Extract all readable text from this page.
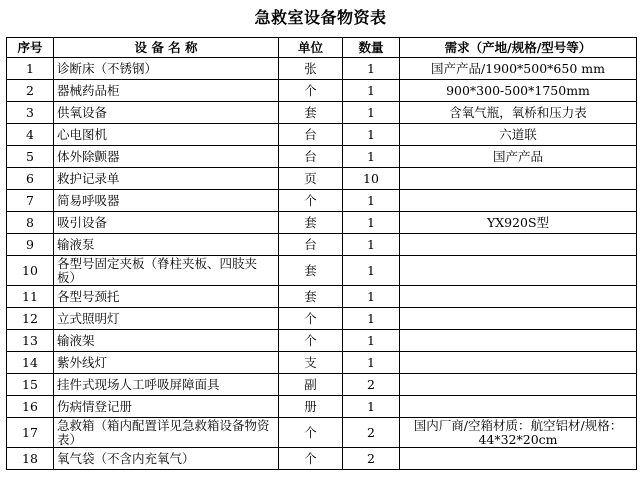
急救室设备物资表
序号	设 备 名 称	单位	数量	需求（产地/规格/型号等）
1	诊断床（不锈钢）	张	1	国产产品/1900*500*650 mm
2	器械药品柜	个	1	900*300-500*1750mm
3	供氧设备	套	1	含氧气瓶，氧桥和压力表
4	心电图机	台	1	六道联
5	体外除颤器	台	1	国产产品
6	救护记录单	页	10	
7	简易呼吸器	个	1	
8	吸引设备	套	1	YX920S型
9	输液泵	台	1	
10	各型号固定夹板（脊柱夹板、四肢夹板）	套	1	
11	各型号颈托	套	1	
12	立式照明灯	个	1	
13	输液架	个	1	
14	紫外线灯	支	1	
15	挂件式现场人工呼吸屏障面具	副	2	
16	伤病情登记册	册	1	
17	急救箱（箱内配置详见急救箱设备物资表）	个	2	国内厂商/空箱材质：航空铝材/规格：44*32*20cm
18	氧气袋（不含内充氧气）	个	2	
